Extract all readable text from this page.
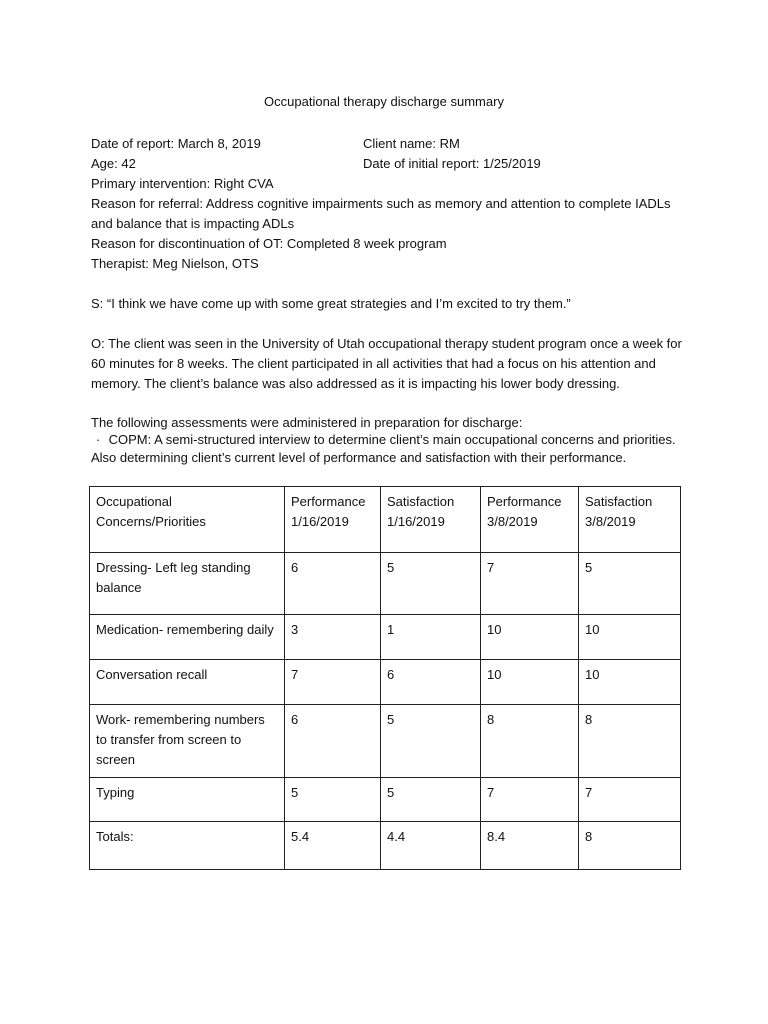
Occupational therapy discharge summary
Date of report: March 8, 2019	Client name: RM
Age: 42	Date of initial report: 1/25/2019
Primary intervention: Right CVA
Reason for referral: Address cognitive impairments such as memory and attention to complete IADLs
and balance that is impacting ADLs
Reason for discontinuation of OT: Completed 8 week program
Therapist: Meg Nielson, OTS
S: “I think we have come up with some great strategies and I’m excited to try them.”
O: The client was seen in the University of Utah occupational therapy student program once a week for
60 minutes for 8 weeks. The client participated in all activities that had a focus on his attention and
memory. The client’s balance was also addressed as it is impacting his lower body dressing.
The following assessments were administered in preparation for discharge:
· COPM: A semi-structured interview to determine client’s main occupational concerns and priorities.
Also determining client’s current level of performance and satisfaction with their performance.
Occupational Concerns/Priorities	Performance 1/16/2019	Satisfaction 1/16/2019	Performance 3/8/2019	Satisfaction 3/8/2019
Dressing- Left leg standing balance	6	5	7	5
Medication- remembering daily	3	1	10	10
Conversation recall	7	6	10	10
Work- remembering numbers to transfer from screen to screen	6	5	8	8
Typing	5	5	7	7
Totals:	5.4	4.4	8.4	8
